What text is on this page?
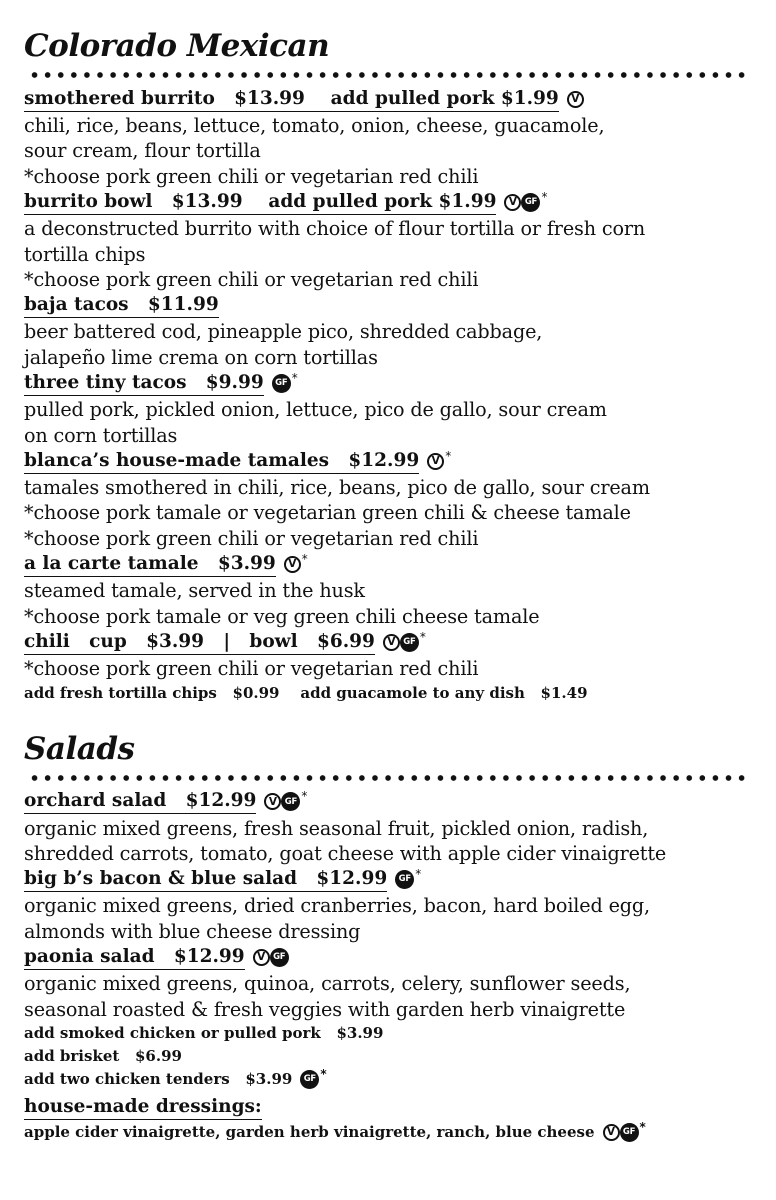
Colorado Mexican
smothered burrito   $13.99    add pulled pork $1.99	V
chili, rice, beans, lettuce, tomato, onion, cheese, guacamole,
sour cream, flour tortilla
*choose pork green chili or vegetarian red chili
burrito bowl   $13.99    add pulled pork $1.99	V GF *
a deconstructed burrito with choice of flour tortilla or fresh corn
tortilla chips
*choose pork green chili or vegetarian red chili
baja tacos   $11.99
beer battered cod, pineapple pico, shredded cabbage,
jalapeño lime crema on corn tortillas
three tiny tacos   $9.99	GF *
pulled pork, pickled onion, lettuce, pico de gallo, sour cream
on corn tortillas
blanca’s house-made tamales   $12.99	V *
tamales smothered in chili, rice, beans, pico de gallo, sour cream
*choose pork tamale or vegetarian green chili & cheese tamale
*choose pork green chili or vegetarian red chili
a la carte tamale   $3.99	V *
steamed tamale, served in the husk
*choose pork tamale or veg green chili cheese tamale
chili   cup   $3.99   |   bowl   $6.99	V GF *
*choose pork green chili or vegetarian red chili
add fresh tortilla chips   $0.99    add guacamole to any dish   $1.49
Salads
orchard salad   $12.99	V GF *
organic mixed greens, fresh seasonal fruit, pickled onion, radish,
shredded carrots, tomato, goat cheese with apple cider vinaigrette
big b’s bacon & blue salad   $12.99	GF *
organic mixed greens, dried cranberries, bacon, hard boiled egg,
almonds with blue cheese dressing
paonia salad   $12.99	V GF
organic mixed greens, quinoa, carrots, celery, sunflower seeds,
seasonal roasted & fresh veggies with garden herb vinaigrette
add smoked chicken or pulled pork   $3.99
add brisket   $6.99
add two chicken tenders   $3.99	GF *
house-made dressings:
apple cider vinaigrette, garden herb vinaigrette, ranch, blue cheese	V GF *
